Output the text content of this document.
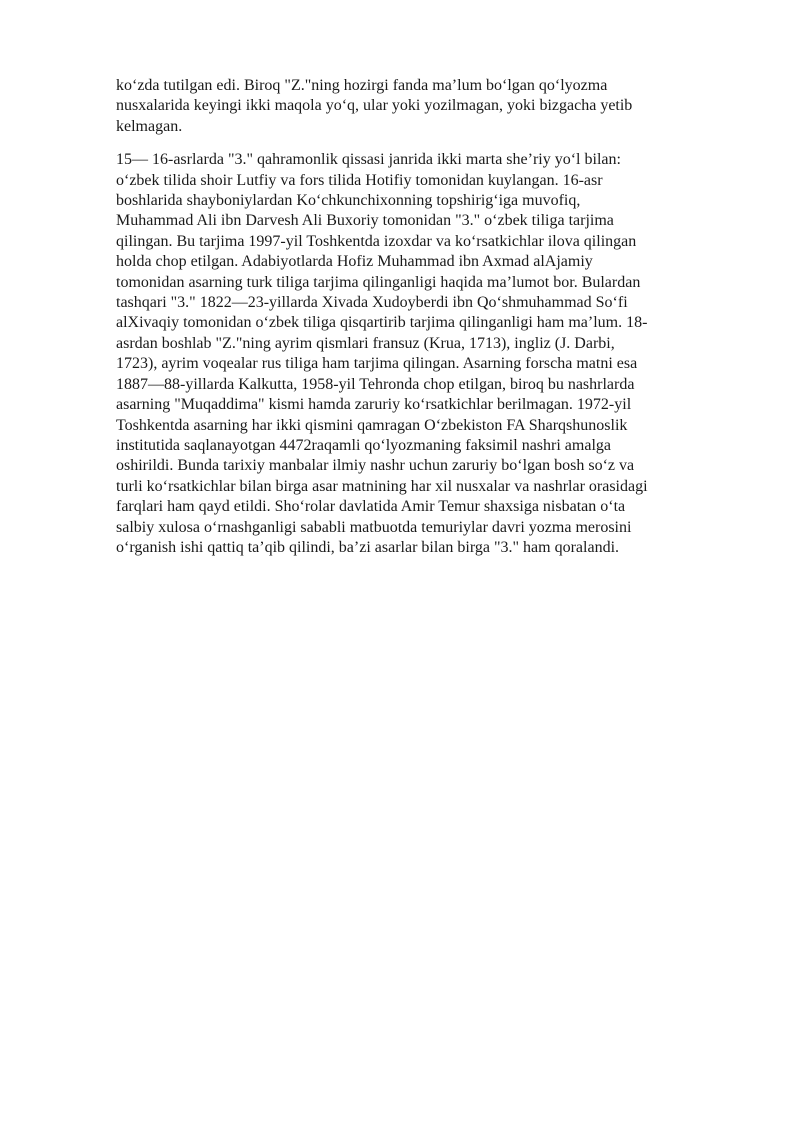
ko‘zda tutilgan edi. Biroq "Z."ning hozirgi fanda ma’lum bo‘lgan qo‘lyozma
nusxalarida keyingi ikki maqola yo‘q, ular yoki yozilmagan, yoki bizgacha yetib
kelmagan.

15— 16-asrlarda "3." qahramonlik qissasi janrida ikki marta she’riy yo‘l bilan:
o‘zbek tilida shoir Lutfiy va fors tilida Hotifiy tomonidan kuylangan. 16-asr
boshlarida shayboniylardan Ko‘chkunchixonning topshirig‘iga muvofiq,
Muhammad Ali ibn Darvesh Ali Buxoriy tomonidan "3." o‘zbek tiliga tarjima
qilingan. Bu tarjima 1997-yil Toshkentda izoxdar va ko‘rsatkichlar ilova qilingan
holda chop etilgan. Adabiyotlarda Hofiz Muhammad ibn Axmad alAjamiy
tomonidan asarning turk tiliga tarjima qilinganligi haqida ma’lumot bor. Bulardan
tashqari "3." 1822—23-yillarda Xivada Xudoyberdi ibn Qo‘shmuhammad So‘fi
alXivaqiy tomonidan o‘zbek tiliga qisqartirib tarjima qilinganligi ham ma’lum. 18-
asrdan boshlab "Z."ning ayrim qismlari fransuz (Krua, 1713), ingliz (J. Darbi,
1723), ayrim voqealar rus tiliga ham tarjima qilingan. Asarning forscha matni esa
1887—88-yillarda Kalkutta, 1958-yil Tehronda chop etilgan, biroq bu nashrlarda
asarning "Muqaddima" kismi hamda zaruriy ko‘rsatkichlar berilmagan. 1972-yil
Toshkentda asarning har ikki qismini qamragan O‘zbekiston FA Sharqshunoslik
institutida saqlanayotgan 4472raqamli qo‘lyozmaning faksimil nashri amalga
oshirildi. Bunda tarixiy manbalar ilmiy nashr uchun zaruriy bo‘lgan bosh so‘z va
turli ko‘rsatkichlar bilan birga asar matnining har xil nusxalar va nashrlar orasidagi
farqlari ham qayd etildi. Sho‘rolar davlatida Amir Temur shaxsiga nisbatan o‘ta
salbiy xulosa o‘rnashganligi sababli matbuotda temuriylar davri yozma merosini
o‘rganish ishi qattiq ta’qib qilindi, ba’zi asarlar bilan birga "3." ham qoralandi.
